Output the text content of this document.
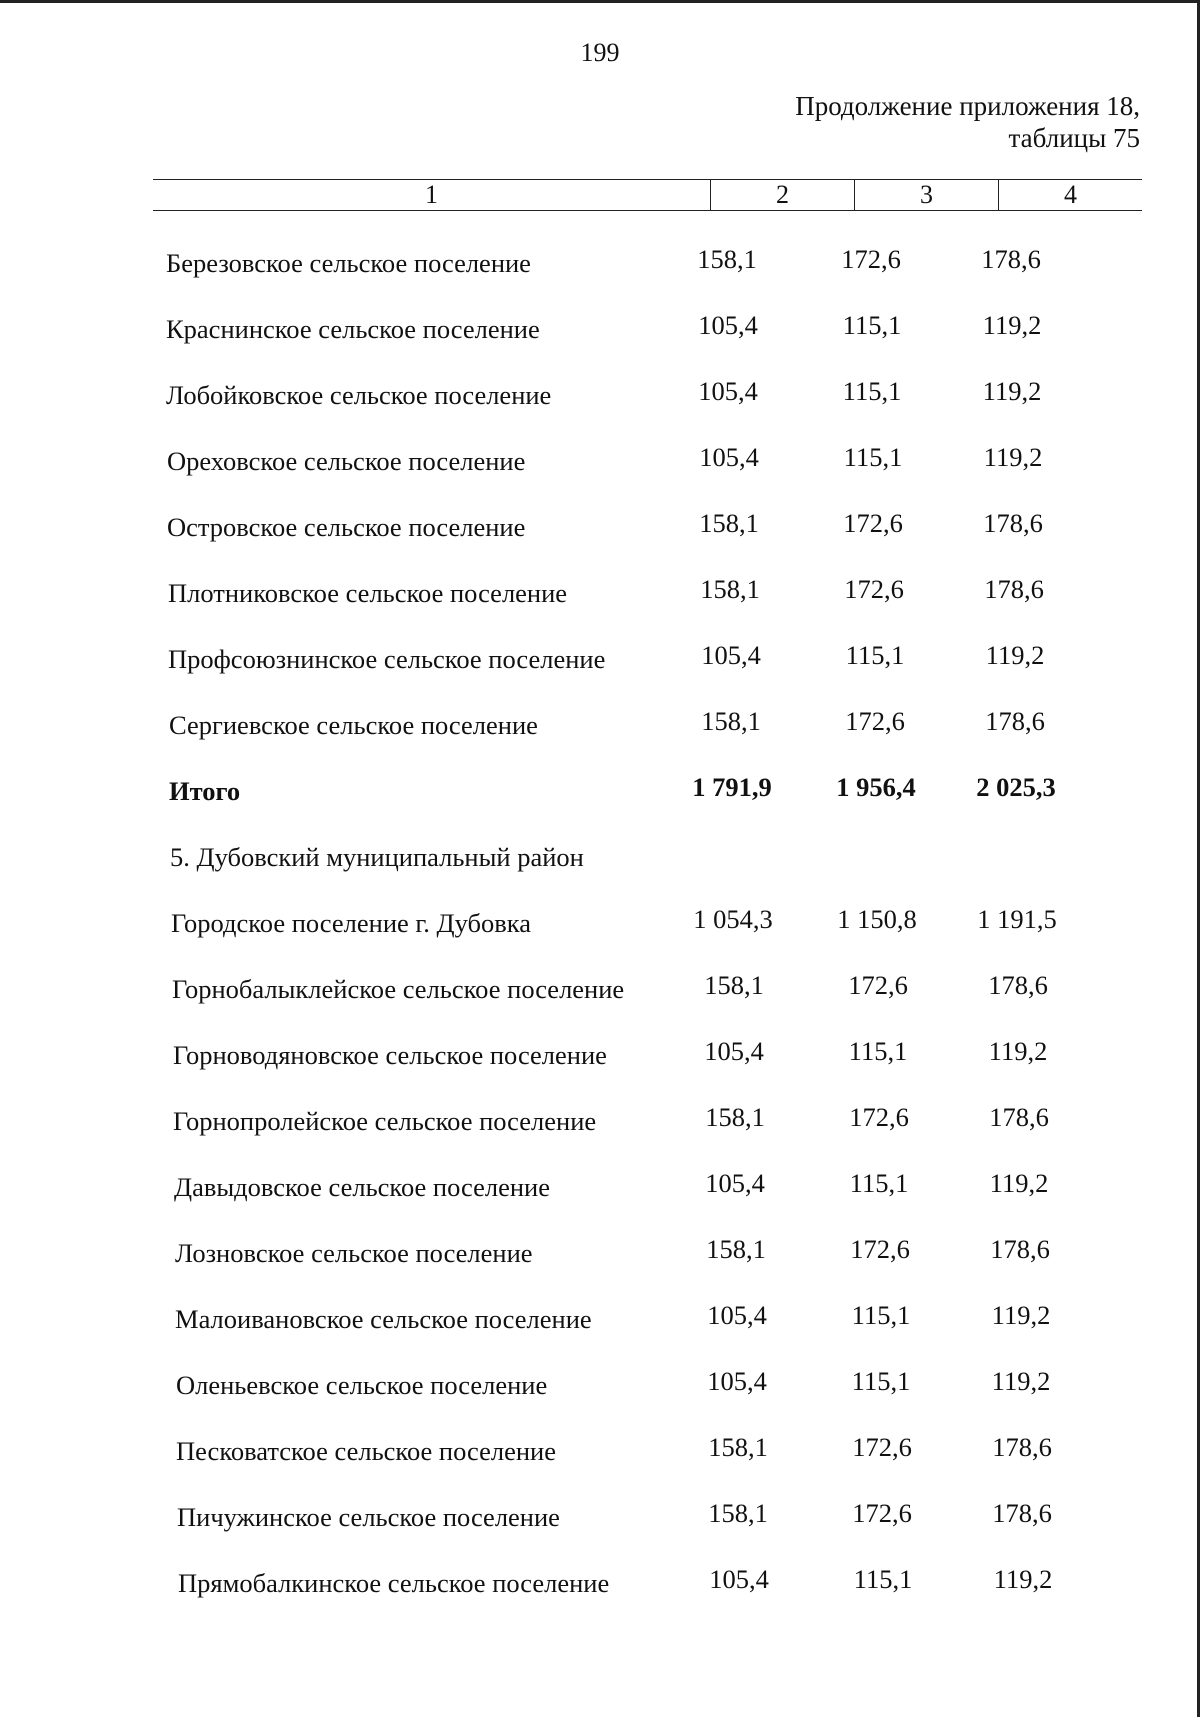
199
Продолжение приложения 18,
таблицы 75
1	2	3	4
Березовское сельское поселение	158,1	172,6	178,6
Краснинское сельское поселение	105,4	115,1	119,2
Лобойковское сельское поселение	105,4	115,1	119,2
Ореховское сельское поселение	105,4	115,1	119,2
Островское сельское поселение	158,1	172,6	178,6
Плотниковское сельское поселение	158,1	172,6	178,6
Профсоюзнинское сельское поселение	105,4	115,1	119,2
Сергиевское сельское поселение	158,1	172,6	178,6
Итого	1 791,9	1 956,4	2 025,3
5. Дубовский муниципальный район
Городское поселение г. Дубовка	1 054,3	1 150,8	1 191,5
Горнобалыклейское сельское поселение	158,1	172,6	178,6
Горноводяновское сельское поселение	105,4	115,1	119,2
Горнопролейское сельское поселение	158,1	172,6	178,6
Давыдовское сельское поселение	105,4	115,1	119,2
Лозновское сельское поселение	158,1	172,6	178,6
Малоивановское сельское поселение	105,4	115,1	119,2
Оленьевское сельское поселение	105,4	115,1	119,2
Песковатское сельское поселение	158,1	172,6	178,6
Пичужинское сельское поселение	158,1	172,6	178,6
Прямобалкинское сельское поселение	105,4	115,1	119,2
